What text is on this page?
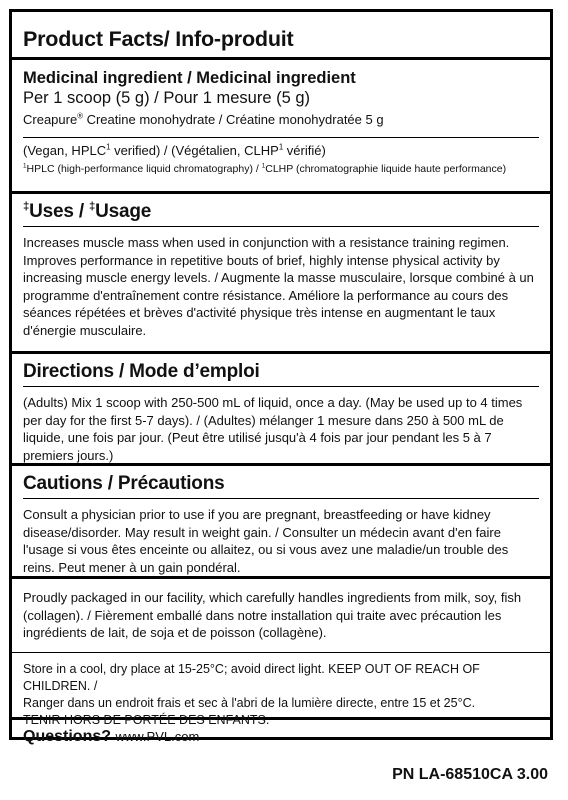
Product Facts/ Info-produit
Medicinal ingredient / Medicinal ingredient
Per 1 scoop (5 g) / Pour 1 mesure (5 g)

Creapure® Creatine monohydrate / Créatine monohydratée 5 g

(Vegan, HPLC$^1$ verified) / (Végétalien, CLHP$^1$ vérifié)

$^1$HPLC (high-performance liquid chromatography) / $^1$CLHP (chromatographie liquide haute performance)

‡Uses / ‡Usage

Increases muscle mass when used in conjunction with a resistance training regimen. Improves performance in repetitive bouts of brief, highly intense physical activity by increasing muscle energy levels. / Augmente la masse musculaire, lorsque combiné à un programme d'entraînement contre résistance. Améliore la performance au cours des séances répétées et brèves d'activité physique très intense en augmentant le taux d'énergie musculaire.

Directions / Mode d’emploi

(Adults) Mix 1 scoop with 250-500 mL of liquid, once a day. (May be used up to 4 times per day for the first 5-7 days). / (Adultes) mélanger 1 mesure dans 250 à 500 mL de liquide, une fois par jour. (Peut être utilisé jusqu'à 4 fois par jour pendant les 5 à 7 premiers jours.)

Cautions / Précautions

Consult a physician prior to use if you are pregnant, breastfeeding or have kidney disease/disorder. May result in weight gain. / Consulter un médecin avant d'en faire l'usage si vous êtes enceinte ou allaitez, ou si vous avez une maladie/un trouble des reins. Peut mener à un gain pondéral.

Proudly packaged in our facility, which carefully handles ingredients from milk, soy, fish (collagen). / Fièrement emballé dans notre installation qui traite avec précaution les ingrédients de lait, de soja et de poisson (collagène).

Store in a cool, dry place at 15-25°C; avoid direct light. KEEP OUT OF REACH OF CHILDREN. /

Ranger dans un endroit frais et sec à l'abri de la lumière directe, entre 15 et 25°C.

TENIR HORS DE PORTÉE DES ENFANTS.

Questions? www.PVL.com
PN LA-68510CA 3.00
